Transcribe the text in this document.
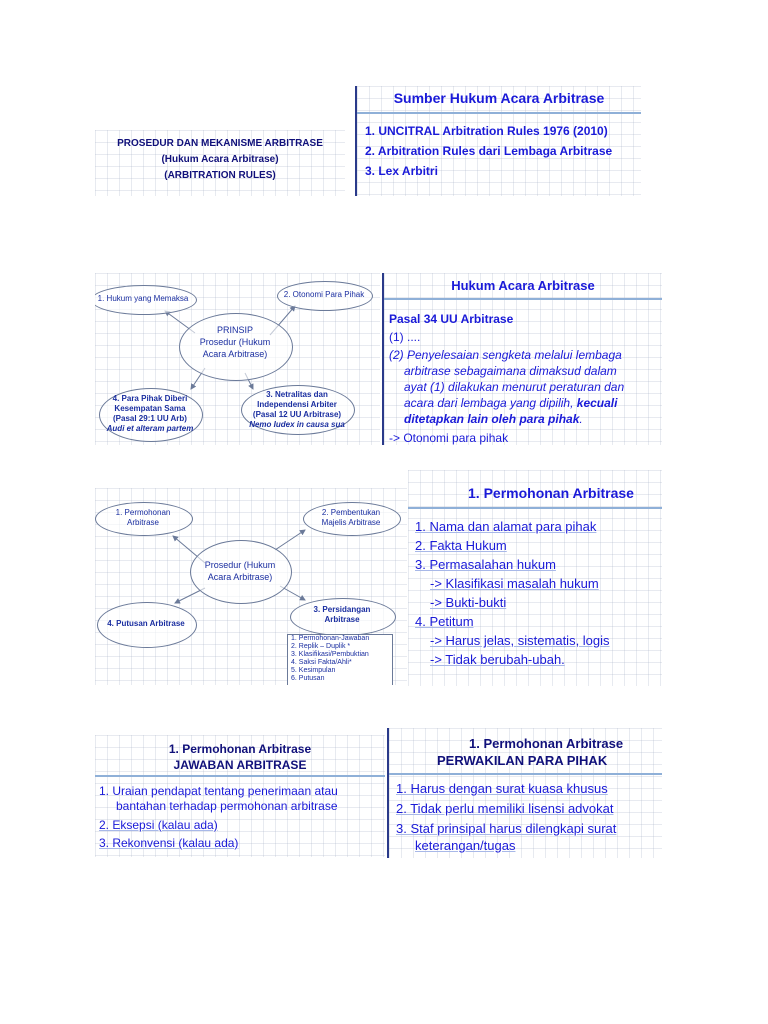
PROSEDUR DAN MEKANISME ARBITRASE
(Hukum Acara Arbitrase)
(ARBITRATION RULES)
Sumber Hukum Acara Arbitrase
1. UNCITRAL Arbitration Rules 1976 (2010)
2. Arbitration Rules dari Lembaga Arbitrase
3. Lex Arbitri
1. Hukum yang Memaksa	2. Otonomi Para Pihak
PRINSIP
Prosedur (Hukum
Acara Arbitrase)
4. Para Pihak Diberi
Kesempatan Sama
(Pasal 29:1 UU Arb)
Audi et alteram partem
3. Netralitas dan
Independensi Arbiter
(Pasal 12 UU Arbitrase)
Nemo Iudex in causa sua
Hukum Acara Arbitrase
Pasal 34 UU Arbitrase
(1) ....
(2) Penyelesaian sengketa melalui lembaga
arbitrase sebagaimana dimaksud dalam
ayat (1) dilakukan menurut peraturan dan
acara dari lembaga yang dipilih, kecuali
ditetapkan lain oleh para pihak.
-> Otonomi para pihak
1. Permohonan
Arbitrase
2. Pembentukan
Majelis Arbitrase
Prosedur (Hukum
Acara Arbitrase)
4. Putusan Arbitrase
3. Persidangan
Arbitrase
1. Permohonan-Jawaban
2. Replik – Duplik *
3. Klasifikasi/Pembuktian
4. Saksi Fakta/Ahli*
5. Kesimpulan
6. Putusan
1. Permohonan Arbitrase
1. Nama dan alamat para pihak
2. Fakta Hukum
3. Permasalahan hukum
-> Klasifikasi masalah hukum
-> Bukti-bukti
4. Petitum
-> Harus jelas, sistematis, logis
-> Tidak berubah-ubah.
1. Permohonan Arbitrase
JAWABAN ARBITRASE
1. Uraian pendapat tentang penerimaan atau
bantahan terhadap permohonan arbitrase
2. Eksepsi (kalau ada)
3. Rekonvensi (kalau ada)
1. Permohonan Arbitrase
PERWAKILAN PARA PIHAK
1. Harus dengan surat kuasa khusus
2. Tidak perlu memiliki lisensi advokat
3. Staf prinsipal harus dilengkapi surat
keterangan/tugas
